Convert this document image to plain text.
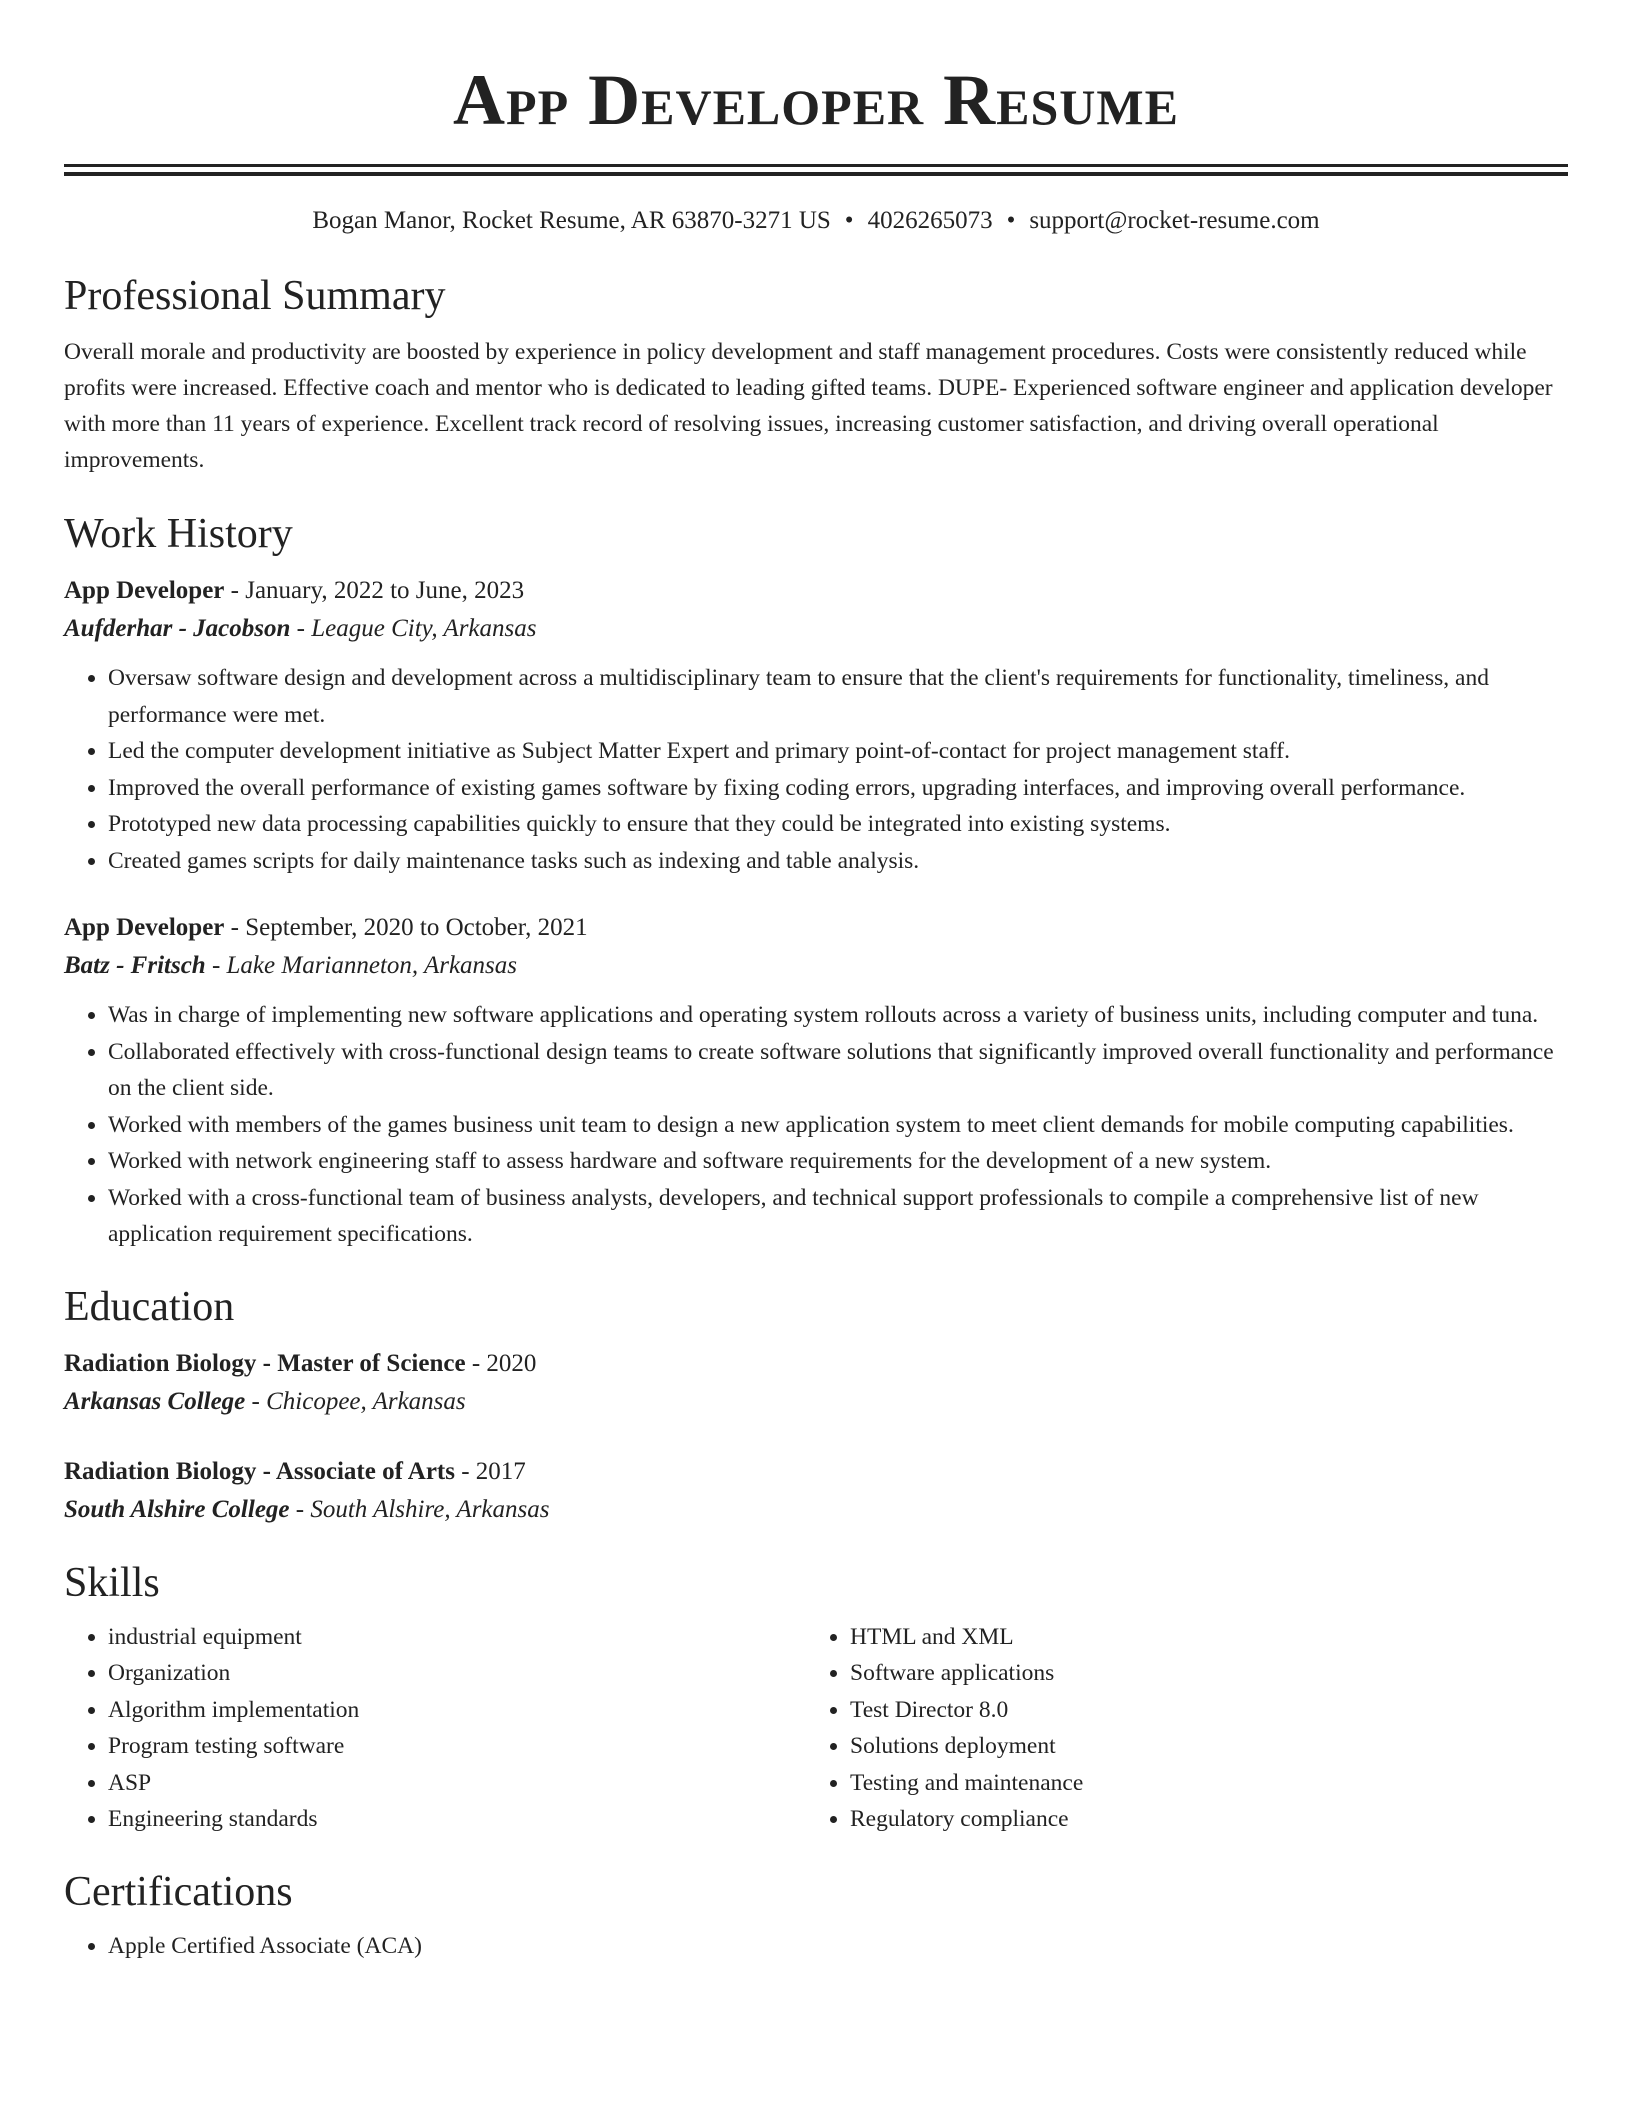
App Developer Resume
Bogan Manor, Rocket Resume, AR 63870-3271 US • 4026265073 • support@rocket-resume.com
Professional Summary

Overall morale and productivity are boosted by experience in policy development and staff management procedures. Costs were consistently reduced while profits were increased. Effective coach and mentor who is dedicated to leading gifted teams. DUPE- Experienced software engineer and application developer with more than 11 years of experience. Excellent track record of resolving issues, increasing customer satisfaction, and driving overall operational improvements.

Work History

App Developer - January, 2022 to June, 2023

Aufderhar - Jacobson - League City, Arkansas

• Oversaw software design and development across a multidisciplinary team to ensure that the client's requirements for functionality, timeliness, and performance were met.
• Led the computer development initiative as Subject Matter Expert and primary point-of-contact for project management staff.
• Improved the overall performance of existing games software by fixing coding errors, upgrading interfaces, and improving overall performance.
• Prototyped new data processing capabilities quickly to ensure that they could be integrated into existing systems.
• Created games scripts for daily maintenance tasks such as indexing and table analysis.

App Developer - September, 2020 to October, 2021

Batz - Fritsch - Lake Marianneton, Arkansas

• Was in charge of implementing new software applications and operating system rollouts across a variety of business units, including computer and tuna.
• Collaborated effectively with cross-functional design teams to create software solutions that significantly improved overall functionality and performance on the client side.
• Worked with members of the games business unit team to design a new application system to meet client demands for mobile computing capabilities.
• Worked with network engineering staff to assess hardware and software requirements for the development of a new system.
• Worked with a cross-functional team of business analysts, developers, and technical support professionals to compile a comprehensive list of new application requirement specifications.
Education

Radiation Biology - Master of Science - 2020

Arkansas College - Chicopee, Arkansas

Radiation Biology - Associate of Arts - 2017

South Alshire College - South Alshire, Arkansas

Skills
• industrial equipment
• Organization
• Algorithm implementation
• Program testing software
• ASP
• Engineering standards
• HTML and XML
• Software applications
• Test Director 8.0
• Solutions deployment
• Testing and maintenance
• Regulatory compliance
Certifications
• Apple Certified Associate (ACA)
